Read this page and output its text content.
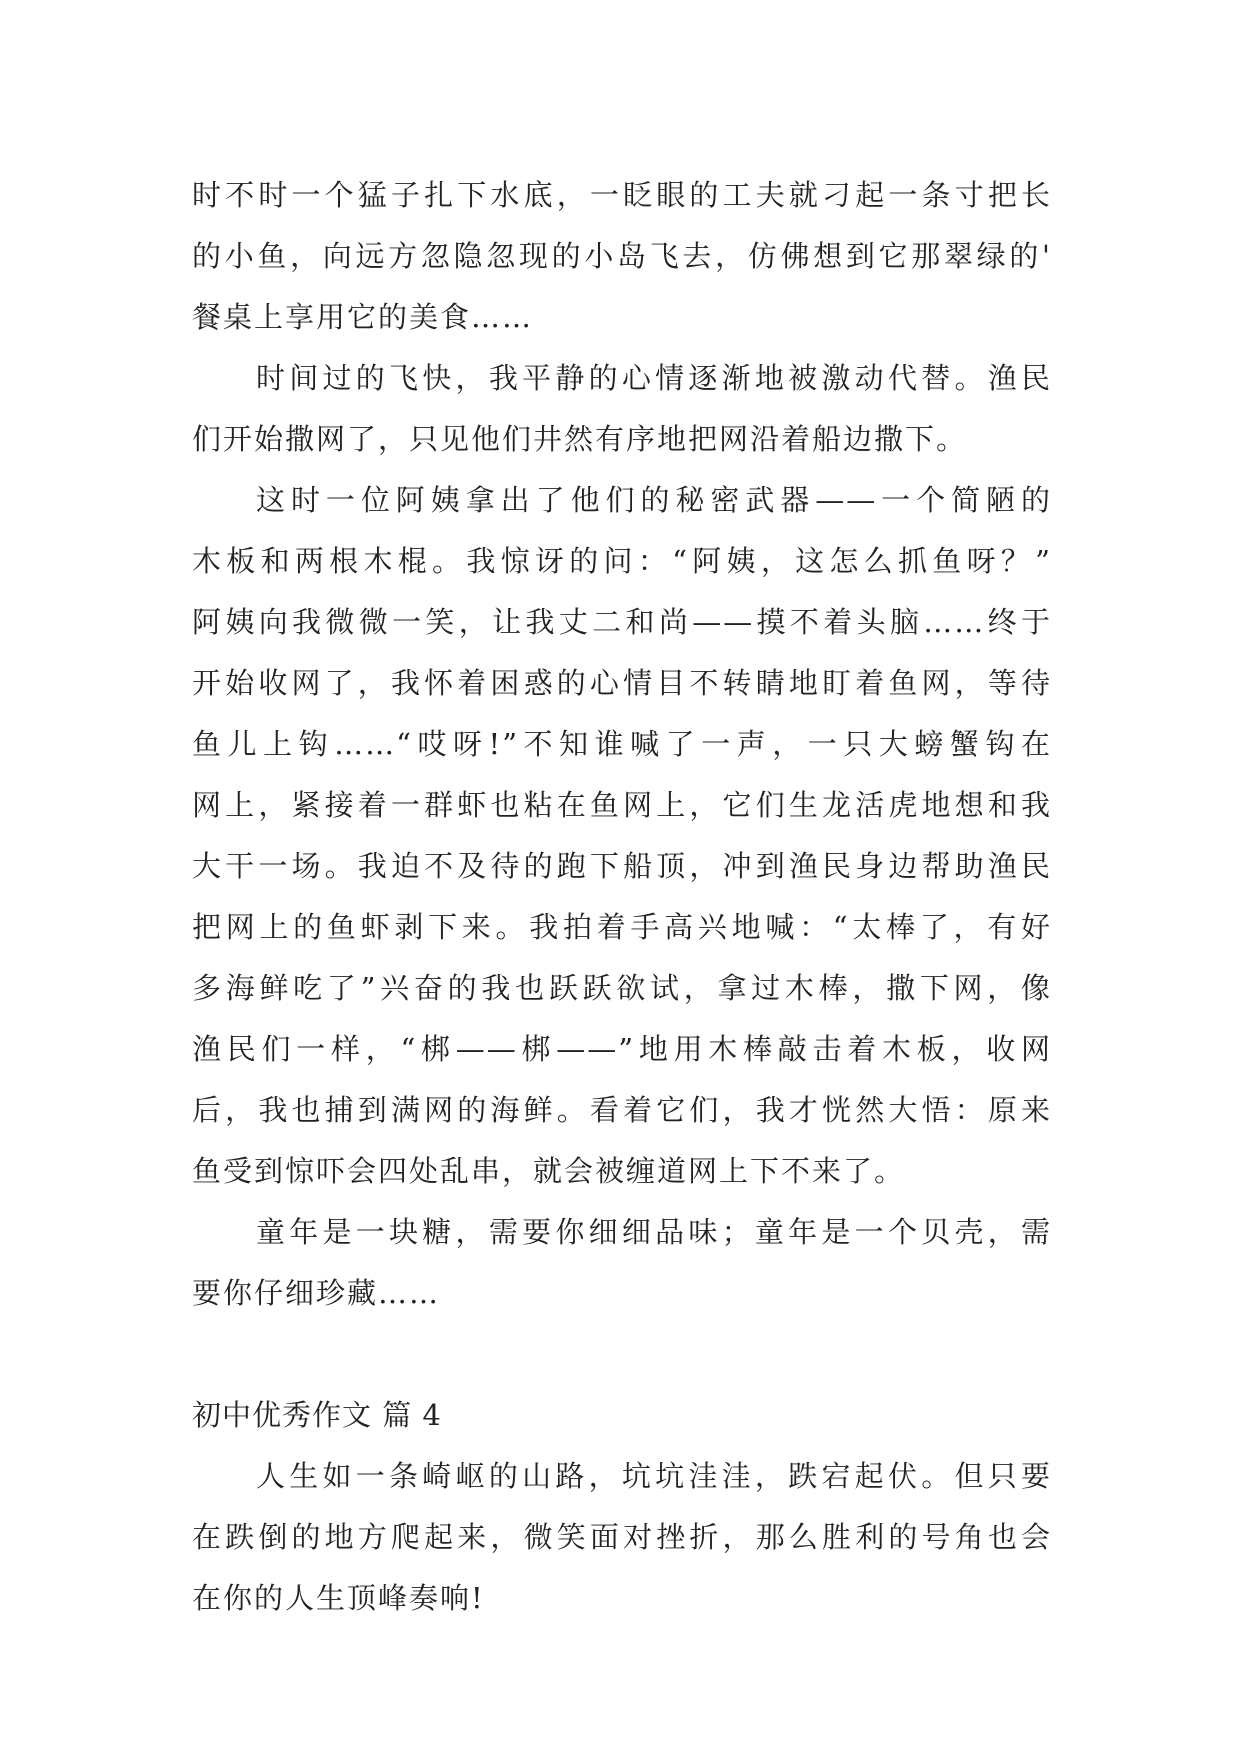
时不时一个猛子扎下水底，一眨眼的工夫就刁起一条寸把长
的小鱼，向远方忽隐忽现的小岛飞去，仿佛想到它那翠绿的'
餐桌上享用它的美食……
时间过的飞快，我平静的心情逐渐地被激动代替。渔民
们开始撒网了，只见他们井然有序地把网沿着船边撒下。
这时一位阿姨拿出了他们的秘密武器——一个简陋的
木板和两根木棍。我惊讶的问：“阿姨，这怎么抓鱼呀？”
阿姨向我微微一笑，让我丈二和尚——摸不着头脑……终于
开始收网了，我怀着困惑的心情目不转睛地盯着鱼网，等待
鱼儿上钩……“哎呀!”不知谁喊了一声，一只大螃蟹钩在
网上，紧接着一群虾也粘在鱼网上，它们生龙活虎地想和我
大干一场。我迫不及待的跑下船顶，冲到渔民身边帮助渔民
把网上的鱼虾剥下来。我拍着手高兴地喊：“太棒了，有好
多海鲜吃了”兴奋的我也跃跃欲试，拿过木棒，撒下网，像
渔民们一样，“梆——梆——”地用木棒敲击着木板，收网
后，我也捕到满网的海鲜。看着它们，我才恍然大悟：原来
鱼受到惊吓会四处乱串，就会被缠道网上下不来了。
童年是一块糖，需要你细细品味；童年是一个贝壳，需
要你仔细珍藏……
初中优秀作文 篇 4
人生如一条崎岖的山路，坑坑洼洼，跌宕起伏。但只要
在跌倒的地方爬起来，微笑面对挫折，那么胜利的号角也会
在你的人生顶峰奏响!
